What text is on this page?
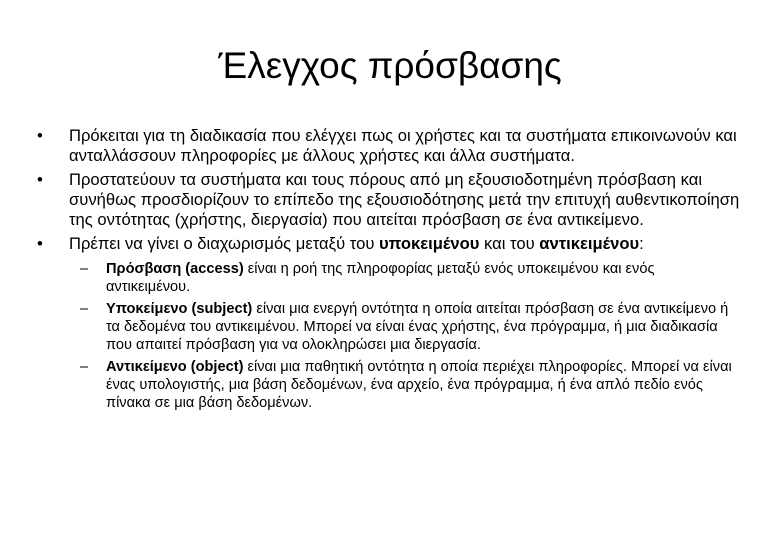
Έλεγχος πρόσβασης
• Πρόκειται για τη διαδικασία που ελέγχει πως οι χρήστες και τα συστήματα επικοινωνούν και ανταλλάσσουν πληροφορίες με άλλους χρήστες και άλλα συστήματα.
• Προστατεύουν τα συστήματα και τους πόρους από μη εξουσιοδοτημένη πρόσβαση και συνήθως προσδιορίζουν το επίπεδο της εξουσιοδότησης μετά την επιτυχή αυθεντικοποίηση της οντότητας (χρήστης, διεργασία) που αιτείται πρόσβαση σε ένα αντικείμενο.
• Πρέπει να γίνει ο διαχωρισμός μεταξύ του υποκειμένου και του αντικειμένου:
– Πρόσβαση (access) είναι η ροή της πληροφορίας μεταξύ ενός υποκειμένου και ενός αντικειμένου.
– Υποκείμενο (subject) είναι μια ενεργή οντότητα η οποία αιτείται πρόσβαση σε ένα αντικείμενο ή τα δεδομένα του αντικειμένου. Μπορεί να είναι ένας χρήστης, ένα πρόγραμμα, ή μια διαδικασία που απαιτεί πρόσβαση για να ολοκληρώσει μια διεργασία.
– Αντικείμενο (object) είναι μια παθητική οντότητα η οποία περιέχει πληροφορίες. Μπορεί να είναι ένας υπολογιστής, μια βάση δεδομένων, ένα αρχείο, ένα πρόγραμμα, ή ένα απλό πεδίο ενός πίνακα σε μια βάση δεδομένων.
